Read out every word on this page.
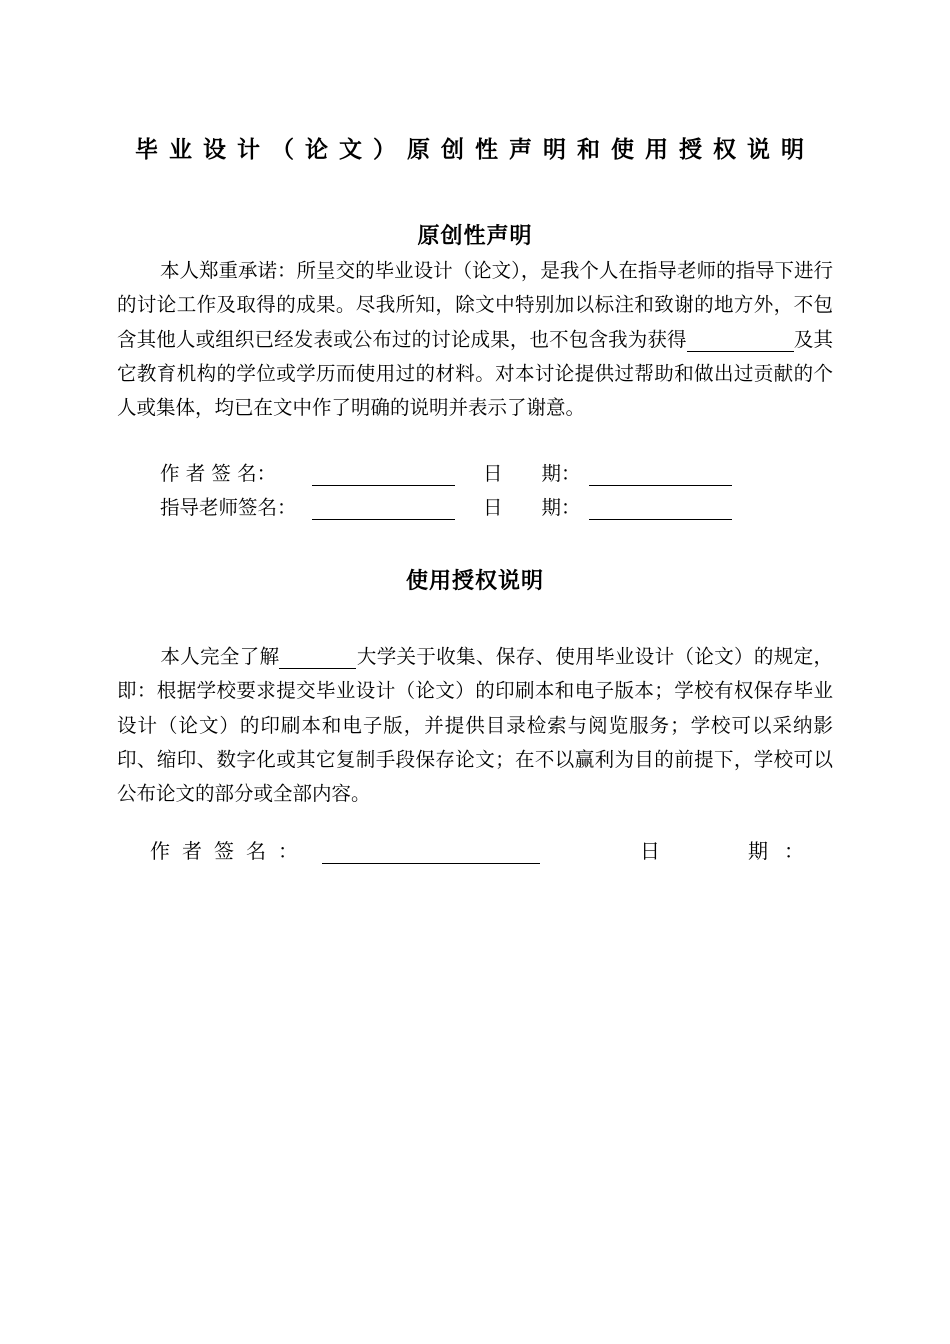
毕业设计（论文）原创性声明和使用授权说明
原创性声明
本人郑重承诺：所呈交的毕业设计（论文），是我个人在指导老师的指导下进行的讨论工作及取得的成果。尽我所知，除文中特别加以标注和致谢的地方外，不包含其他人或组织已经发表或公布过的讨论成果，也不包含我为获得	及其它教育机构的学位或学历而使用过的材料。对本讨论提供过帮助和做出过贡献的个人或集体，均已在文中作了明确的说明并表示了谢意。
作 者 签 名：	日　　期：
指导老师签名：	日　　期：
使用授权说明
本人完全了解	大学关于收集、保存、使用毕业设计（论文）的规定，即：根据学校要求提交毕业设计（论文）的印刷本和电子版本；学校有权保存毕业设计（论文）的印刷本和电子版，并提供目录检索与阅览服务；学校可以采纳影印、缩印、数字化或其它复制手段保存论文；在不以赢利为目的前提下，学校可以公布论文的部分或全部内容。
作者签名：	日　　期：
